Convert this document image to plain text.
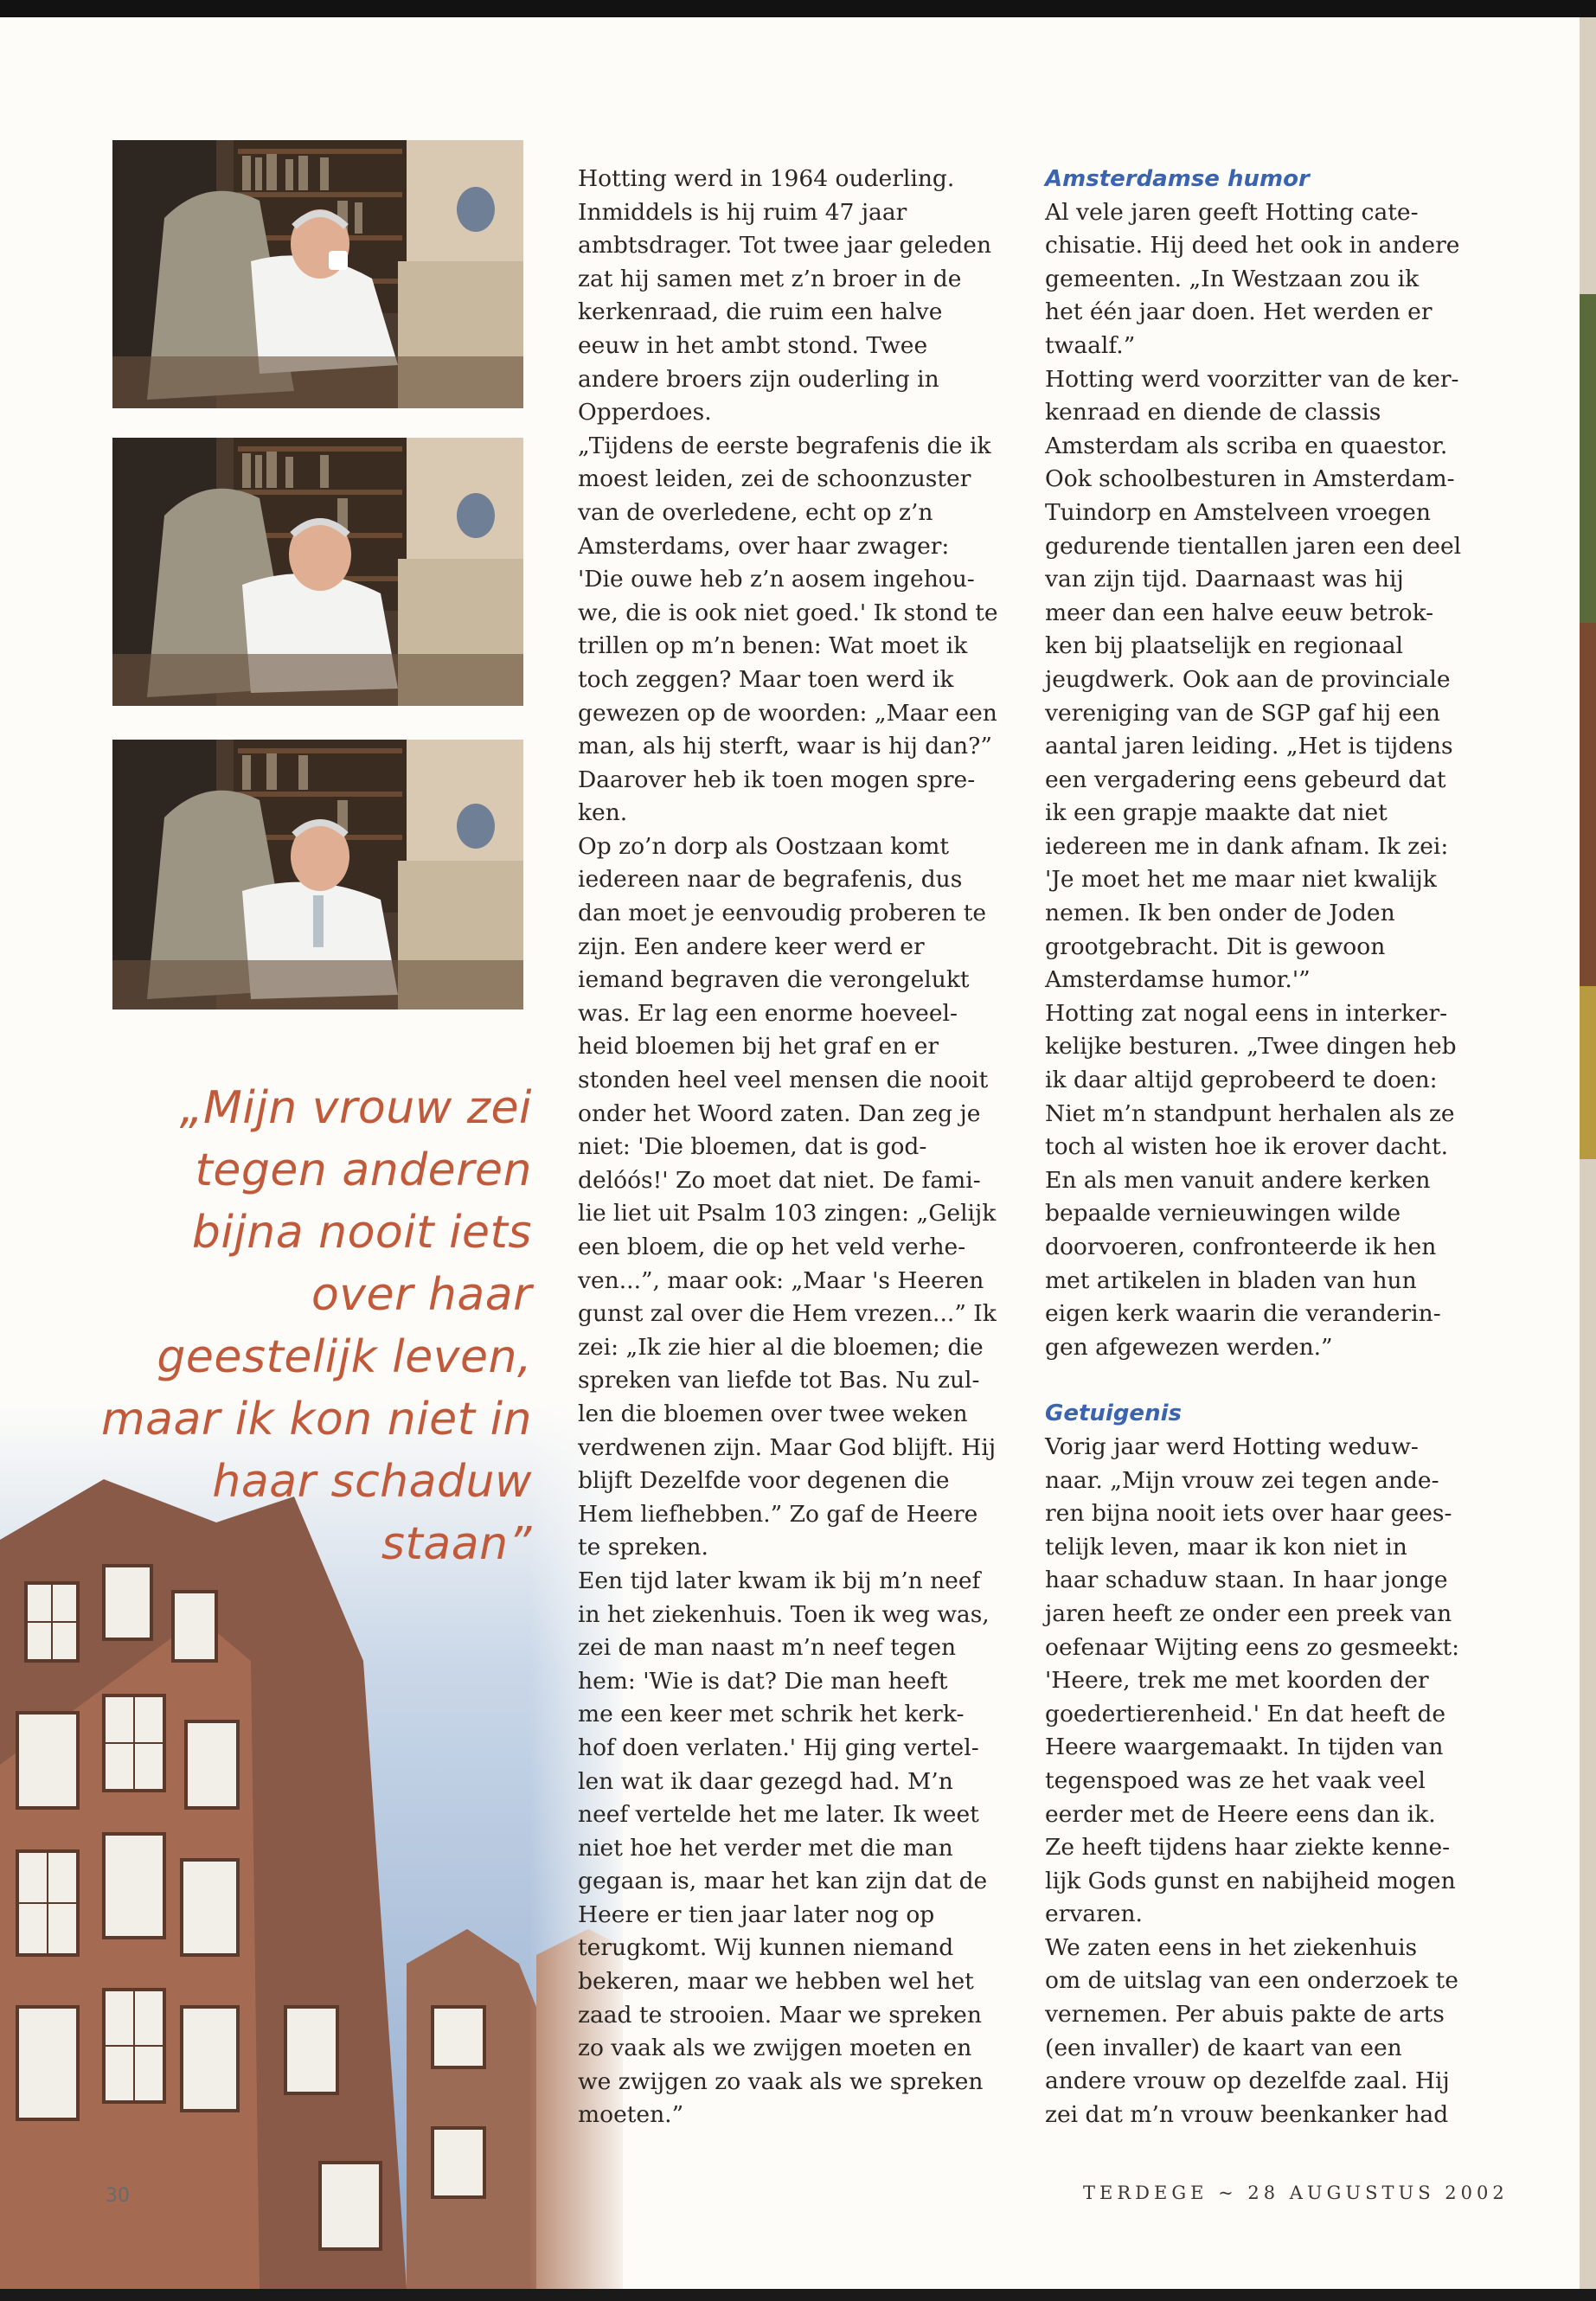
„Mijn vrouw zei
tegen anderen
bijna nooit iets
over haar
geestelijk leven,
maar ik kon niet in
haar schaduw
staan”

Hotting werd in 1964 ouderling.

Inmiddels is hij ruim 47 jaar

ambtsdrager. Tot twee jaar geleden

zat hij samen met z’n broer in de

kerkenraad, die ruim een halve

eeuw in het ambt stond. Twee

andere broers zijn ouderling in

Opperdoes.

„Tijdens de eerste begrafenis die ik

moest leiden, zei de schoonzuster

van de overledene, echt op z’n

Amsterdams, over haar zwager:

'Die ouwe heb z’n aosem ingehou-

we, die is ook niet goed.' Ik stond te

trillen op m’n benen: Wat moet ik

toch zeggen? Maar toen werd ik

gewezen op de woorden: „Maar een

man, als hij sterft, waar is hij dan?”

Daarover heb ik toen mogen spre-

ken.

Op zo’n dorp als Oostzaan komt

iedereen naar de begrafenis, dus

dan moet je eenvoudig proberen te

zijn. Een andere keer werd er

iemand begraven die verongelukt

was. Er lag een enorme hoeveel-

heid bloemen bij het graf en er

stonden heel veel mensen die nooit

onder het Woord zaten. Dan zeg je

niet: 'Die bloemen, dat is god-

delóós!' Zo moet dat niet. De fami-

lie liet uit Psalm 103 zingen: „Gelijk

een bloem, die op het veld verhe-

ven...”, maar ook: „Maar 's Heeren

gunst zal over die Hem vrezen...” Ik

zei: „Ik zie hier al die bloemen; die

spreken van liefde tot Bas. Nu zul-

len die bloemen over twee weken

verdwenen zijn. Maar God blijft. Hij

blijft Dezelfde voor degenen die

Hem liefhebben.” Zo gaf de Heere

te spreken.

Een tijd later kwam ik bij m’n neef

in het ziekenhuis. Toen ik weg was,

zei de man naast m’n neef tegen

hem: 'Wie is dat? Die man heeft

me een keer met schrik het kerk-

hof doen verlaten.' Hij ging vertel-

len wat ik daar gezegd had. M’n

neef vertelde het me later. Ik weet

niet hoe het verder met die man

gegaan is, maar het kan zijn dat de

Heere er tien jaar later nog op

terugkomt. Wij kunnen niemand

bekeren, maar we hebben wel het

zaad te strooien. Maar we spreken

zo vaak als we zwijgen moeten en

we zwijgen zo vaak als we spreken

moeten.”

Amsterdamse humor

Al vele jaren geeft Hotting cate-

chisatie. Hij deed het ook in andere

gemeenten. „In Westzaan zou ik

het één jaar doen. Het werden er

twaalf.”

Hotting werd voorzitter van de ker-

kenraad en diende de classis

Amsterdam als scriba en quaestor.

Ook schoolbesturen in Amsterdam-

Tuindorp en Amstelveen vroegen

gedurende tientallen jaren een deel

van zijn tijd. Daarnaast was hij

meer dan een halve eeuw betrok-

ken bij plaatselijk en regionaal

jeugdwerk. Ook aan de provinciale

vereniging van de SGP gaf hij een

aantal jaren leiding. „Het is tijdens

een vergadering eens gebeurd dat

ik een grapje maakte dat niet

iedereen me in dank afnam. Ik zei:

'Je moet het me maar niet kwalijk

nemen. Ik ben onder de Joden

grootgebracht. Dit is gewoon

Amsterdamse humor.'”

Hotting zat nogal eens in interker-

kelijke besturen. „Twee dingen heb

ik daar altijd geprobeerd te doen:

Niet m’n standpunt herhalen als ze

toch al wisten hoe ik erover dacht.

En als men vanuit andere kerken

bepaalde vernieuwingen wilde

doorvoeren, confronteerde ik hen

met artikelen in bladen van hun

eigen kerk waarin die veranderin-

gen afgewezen werden.”

Getuigenis

Vorig jaar werd Hotting weduw-

naar. „Mijn vrouw zei tegen ande-

ren bijna nooit iets over haar gees-

telijk leven, maar ik kon niet in

haar schaduw staan. In haar jonge

jaren heeft ze onder een preek van

oefenaar Wijting eens zo gesmeekt:

'Heere, trek me met koorden der

goedertierenheid.' En dat heeft de

Heere waargemaakt. In tijden van

tegenspoed was ze het vaak veel

eerder met de Heere eens dan ik.

Ze heeft tijdens haar ziekte kenne-

lijk Gods gunst en nabijheid mogen

ervaren.

We zaten eens in het ziekenhuis

om de uitslag van een onderzoek te

vernemen. Per abuis pakte de arts

(een invaller) de kaart van een

andere vrouw op dezelfde zaal. Hij

zei dat m’n vrouw beenkanker had

30	TERDEGE ~ 28 AUGUSTUS 2002
